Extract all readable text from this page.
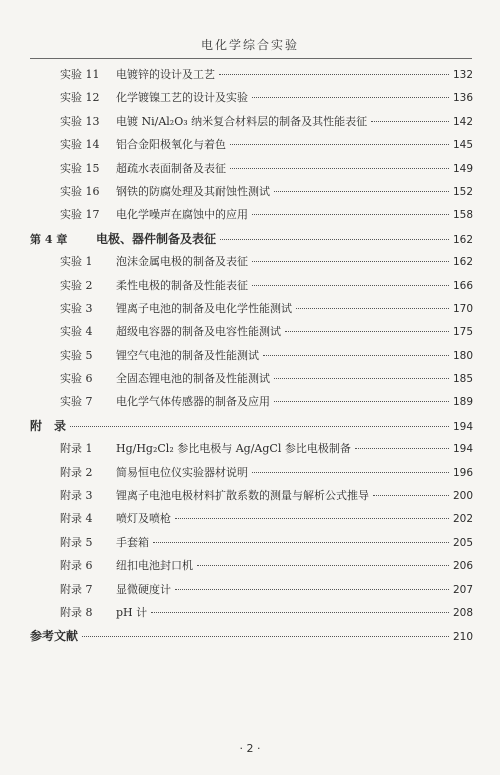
电化学综合实验
实验 11	电镀锌的设计及工艺	132
实验 12	化学镀镍工艺的设计及实验	136
实验 13	电镀 Ni/Al₂O₃ 纳米复合材料层的制备及其性能表征	142
实验 14	铝合金阳极氧化与着色	145
实验 15	超疏水表面制备及表征	149
实验 16	钢铁的防腐处理及其耐蚀性测试	152
实验 17	电化学噪声在腐蚀中的应用	158
第 4 章	电极、器件制备及表征	162
实验 1	泡沫金属电极的制备及表征	162
实验 2	柔性电极的制备及性能表征	166
实验 3	锂离子电池的制备及电化学性能测试	170
实验 4	超级电容器的制备及电容性能测试	175
实验 5	锂空气电池的制备及性能测试	180
实验 6	全固态锂电池的制备及性能测试	185
实验 7	电化学气体传感器的制备及应用	189
附　录	194
附录 1	Hg/Hg₂Cl₂ 参比电极与 Ag/AgCl 参比电极制备	194
附录 2	简易恒电位仪实验器材说明	196
附录 3	锂离子电池电极材料扩散系数的测量与解析公式推导	200
附录 4	喷灯及喷枪	202
附录 5	手套箱	205
附录 6	纽扣电池封口机	206
附录 7	显微硬度计	207
附录 8	pH 计	208
参考文献	210
· 2 ·
